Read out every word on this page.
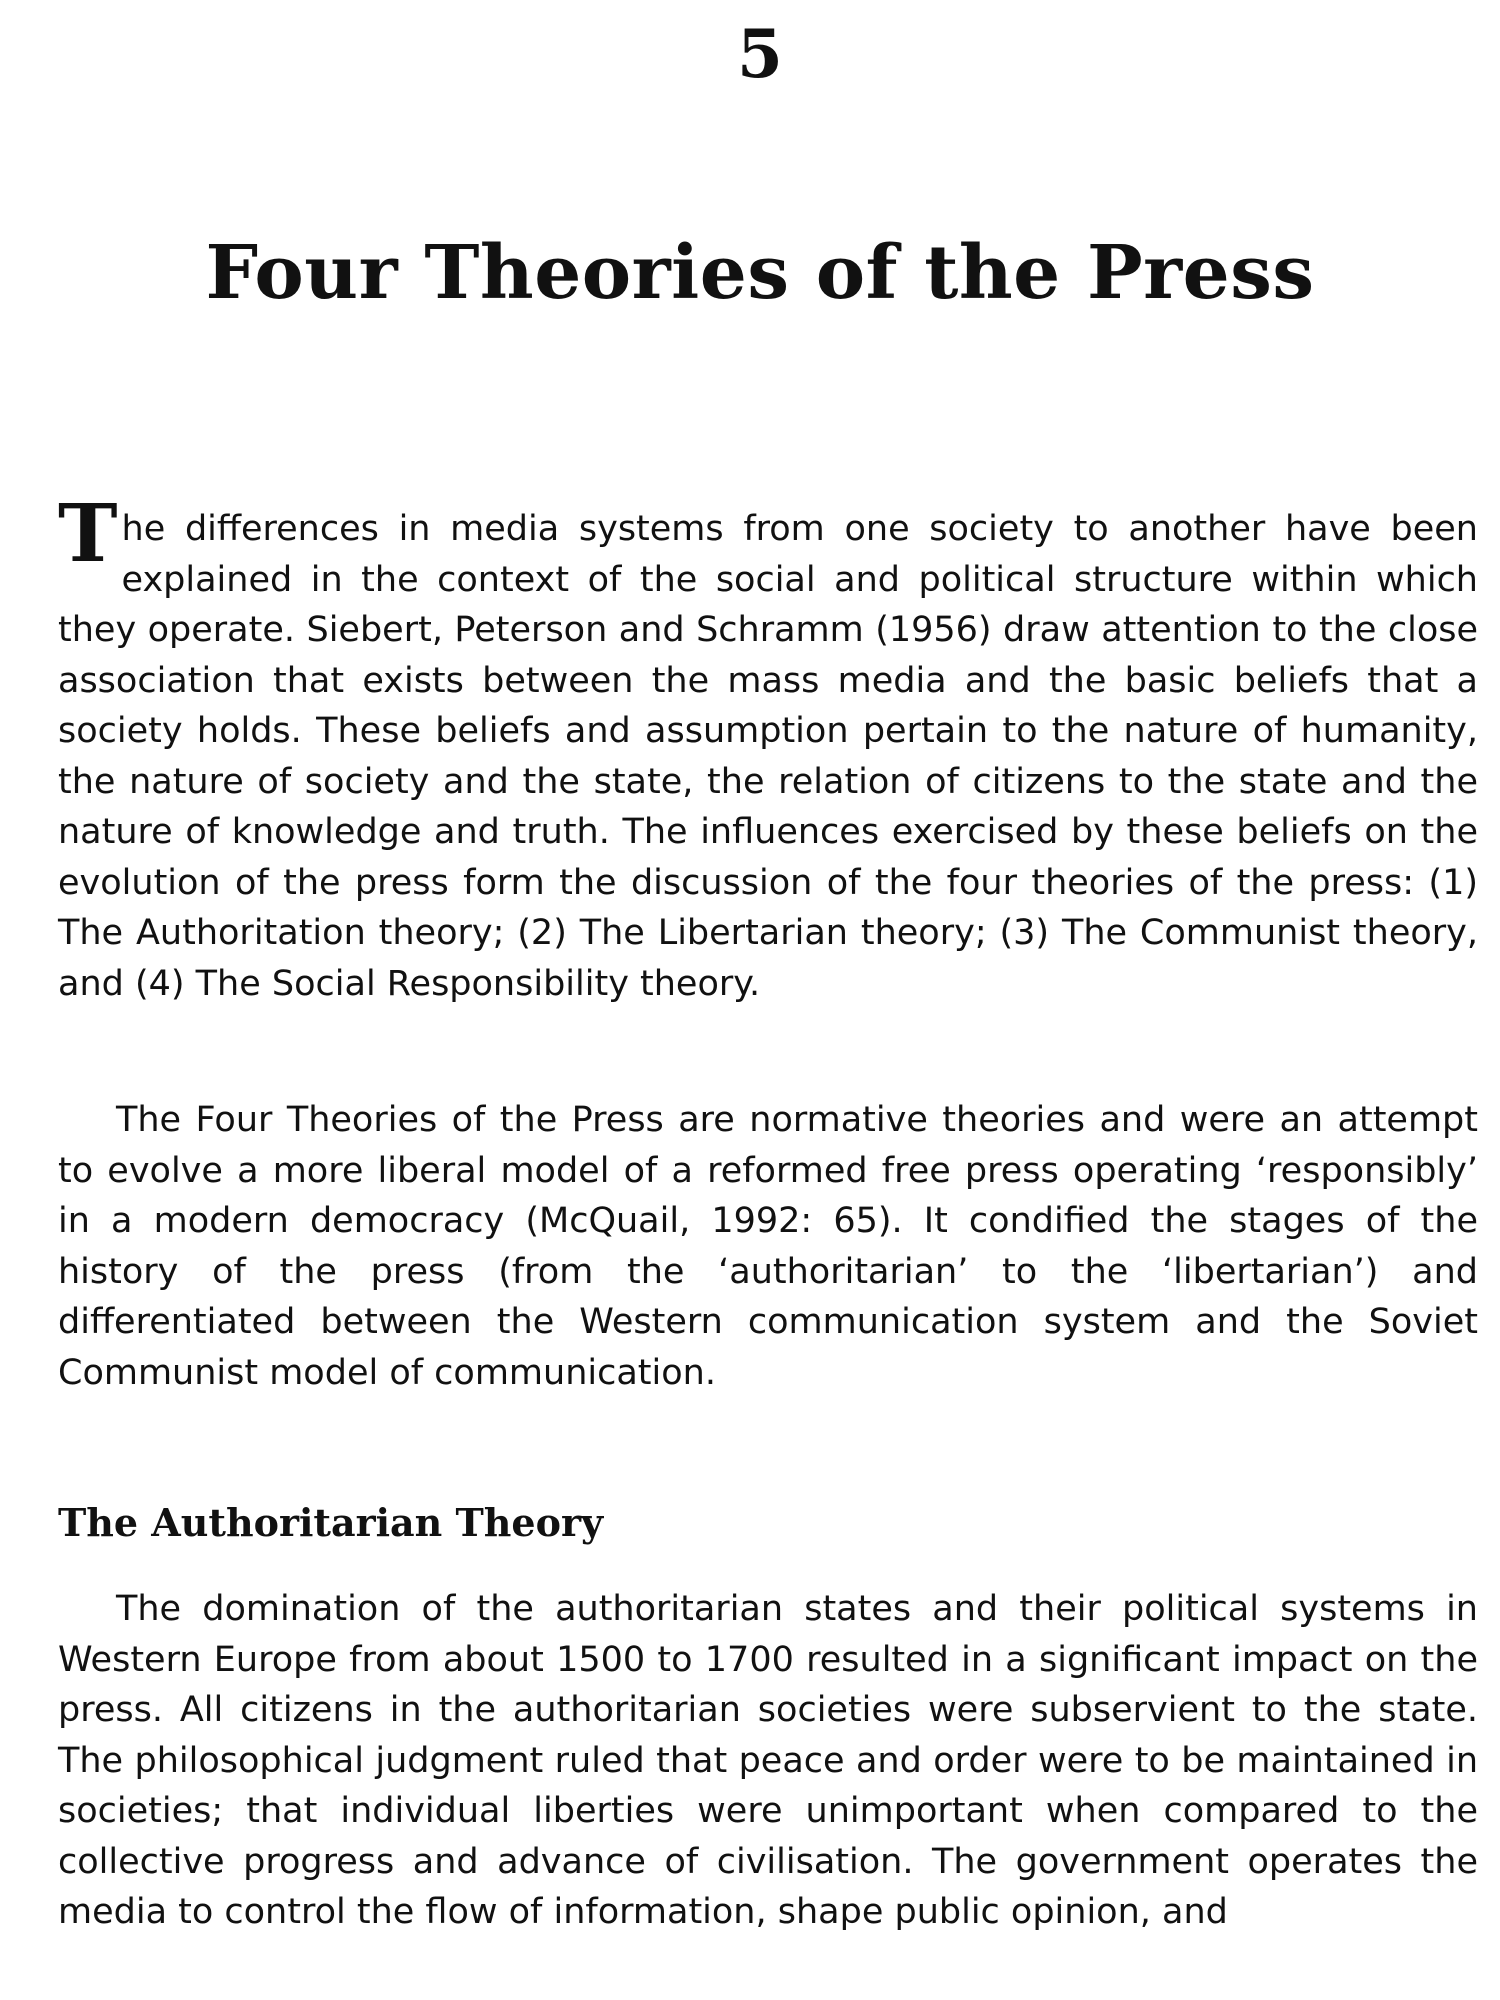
5
Four Theories of the Press

The differences in media systems from one society to another have been explained in the context of the social and political structure within which they operate. Siebert, Peterson and Schramm (1956) draw attention to the close association that exists between the mass media and the basic beliefs that a society holds. These beliefs and assumption pertain to the nature of humanity, the nature of society and the state, the relation of citizens to the state and the nature of knowledge and truth. The influences exercised by these beliefs on the evolution of the press form the discussion of the four theories of the press: (1) The Authoritation theory; (2) The Libertarian theory; (3) The Communist theory, and (4) The Social Responsibility theory.

The Four Theories of the Press are normative theories and were an attempt to evolve a more liberal model of a reformed free press operating ‘responsibly’ in a modern democracy (McQuail, 1992: 65). It condified the stages of the history of the press (from the ‘authoritarian’ to the ‘libertarian’) and differentiated between the Western communication system and the Soviet Communist model of communication.

The Authoritarian Theory

The domination of the authoritarian states and their political systems in Western Europe from about 1500 to 1700 resulted in a significant impact on the press. All citizens in the authoritarian societies were subservient to the state. The philosophical judgment ruled that peace and order were to be maintained in societies; that individual liberties were unimportant when compared to the collective progress and advance of civilisation. The government operates the media to control the flow of information, shape public opinion, and
